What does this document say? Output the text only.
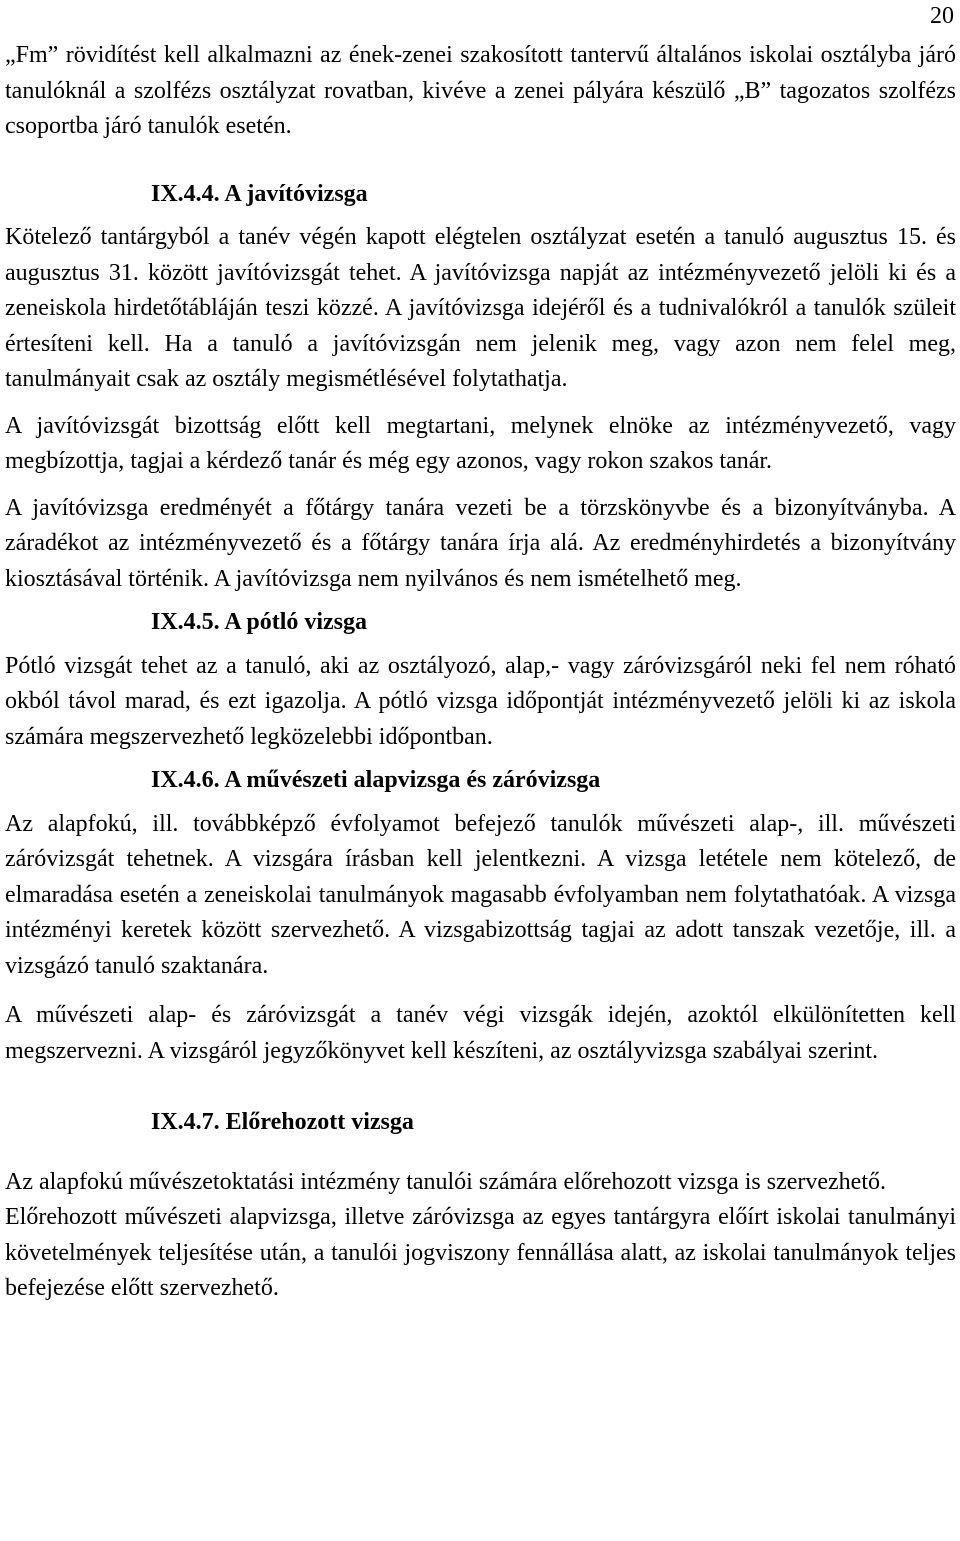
20

„Fm” rövidítést kell alkalmazni az ének-zenei szakosított tantervű általános iskolai osztályba járó tanulóknál a szolfézs osztályzat rovatban, kivéve a zenei pályára készülő „B” tagozatos szolfézs csoportba járó tanulók esetén.

IX.4.4. A javítóvizsga

Kötelező tantárgyból a tanév végén kapott elégtelen osztályzat esetén a tanuló augusztus 15. és augusztus 31. között javítóvizsgát tehet. A javítóvizsga napját az intézményvezető jelöli ki és a zeneiskola hirdetőtábláján teszi közzé. A javítóvizsga idejéről és a tudnivalókról a tanulók szüleit értesíteni kell. Ha a tanuló a javítóvizsgán nem jelenik meg, vagy azon nem felel meg, tanulmányait csak az osztály megismétlésével folytathatja.

A javítóvizsgát bizottság előtt kell megtartani, melynek elnöke az intézményvezető, vagy megbízottja, tagjai a kérdező tanár és még egy azonos, vagy rokon szakos tanár.

A javítóvizsga eredményét a főtárgy tanára vezeti be a törzskönyvbe és a bizonyítványba. A záradékot az intézményvezető és a főtárgy tanára írja alá. Az eredményhirdetés a bizonyítvány kiosztásával történik. A javítóvizsga nem nyilvános és nem ismételhető meg.

IX.4.5. A pótló vizsga

Pótló vizsgát tehet az a tanuló, aki az osztályozó, alap,- vagy záróvizsgáról neki fel nem róható okból távol marad, és ezt igazolja. A pótló vizsga időpontját intézményvezető jelöli ki az iskola számára megszervezhető legközelebbi időpontban.

IX.4.6. A művészeti alapvizsga és záróvizsga

Az alapfokú, ill. továbbképző évfolyamot befejező tanulók művészeti alap-, ill. művészeti záróvizsgát tehetnek. A vizsgára írásban kell jelentkezni. A vizsga letétele nem kötelező, de elmaradása esetén a zeneiskolai tanulmányok magasabb évfolyamban nem folytathatóak. A vizsga intézményi keretek között szervezhető. A vizsgabizottság tagjai az adott tanszak vezetője, ill. a vizsgázó tanuló szaktanára.

A művészeti alap- és záróvizsgát a tanév végi vizsgák idején, azoktól elkülönítetten kell megszervezni. A vizsgáról jegyzőkönyvet kell készíteni, az osztályvizsga szabályai szerint.

IX.4.7. Előrehozott vizsga

Az alapfokú művészetoktatási intézmény tanulói számára előrehozott vizsga is szervezhető.

Előrehozott művészeti alapvizsga, illetve záróvizsga az egyes tantárgyra előírt iskolai tanulmányi követelmények teljesítése után, a tanulói jogviszony fennállása alatt, az iskolai tanulmányok teljes befejezése előtt szervezhető.
